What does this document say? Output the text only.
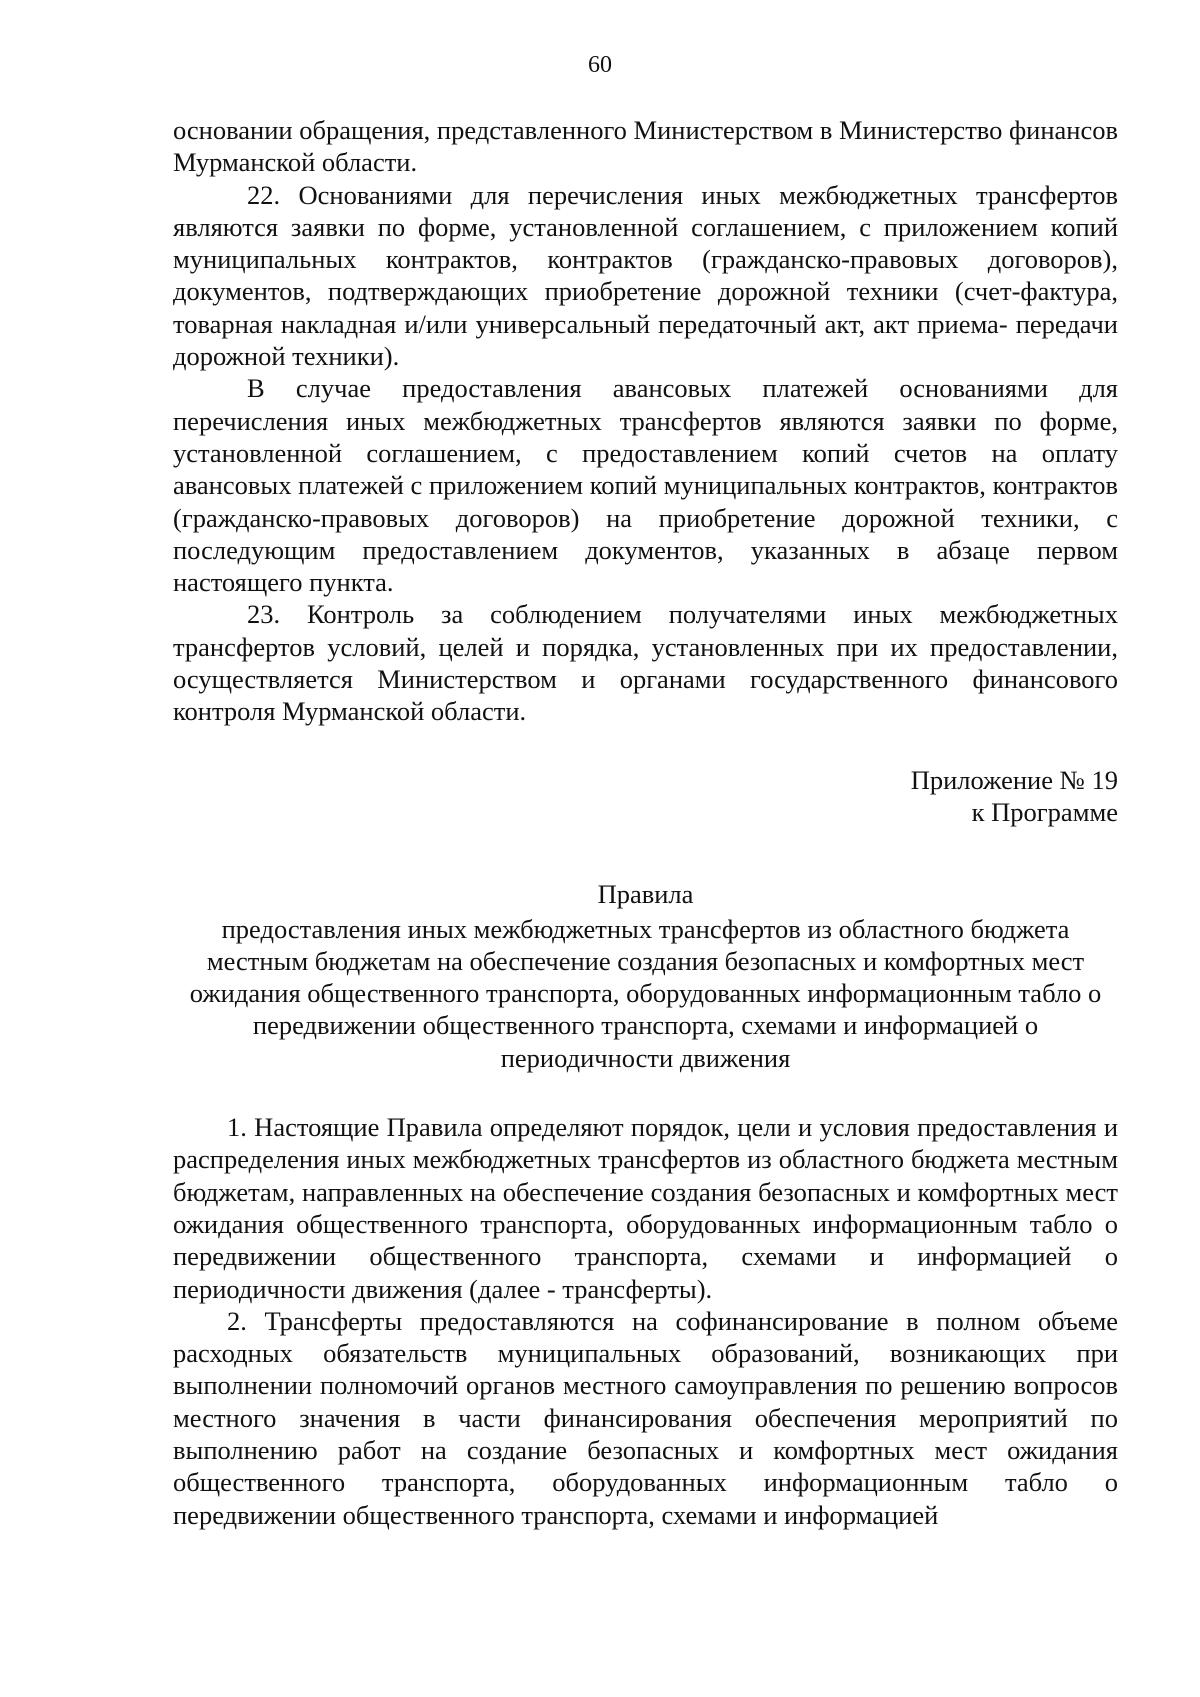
60

основании обращения, представленного Министерством в Министерство финансов Мурманской области.

22. Основаниями для перечисления иных межбюджетных трансфертов являются заявки по форме, установленной соглашением, с приложением копий муниципальных контрактов, контрактов (гражданско-правовых договоров), документов, подтверждающих приобретение дорожной техники (счет-фактура, товарная накладная и/или универсальный передаточный акт, акт приема- передачи дорожной техники).

В случае предоставления авансовых платежей основаниями для перечисления иных межбюджетных трансфертов являются заявки по форме, установленной соглашением, с предоставлением копий счетов на оплату авансовых платежей с приложением копий муниципальных контрактов, контрактов (гражданско-правовых договоров) на приобретение дорожной техники, с последующим предоставлением документов, указанных в абзаце первом настоящего пункта.

23. Контроль за соблюдением получателями иных межбюджетных трансфертов условий, целей и порядка, установленных при их предоставлении, осуществляется Министерством и органами государственного финансового контроля Мурманской области.

Приложение № 19
к Программе
Правила
предоставления иных межбюджетных трансфертов из областного бюджета местным бюджетам на обеспечение создания безопасных и комфортных мест ожидания общественного транспорта, оборудованных информационным табло о передвижении общественного транспорта, схемами и информацией о периодичности движения

1. Настоящие Правила определяют порядок, цели и условия предоставления и распределения иных межбюджетных трансфертов из областного бюджета местным бюджетам, направленных на обеспечение создания безопасных и комфортных мест ожидания общественного транспорта, оборудованных информационным табло о передвижении общественного транспорта, схемами и информацией о периодичности движения (далее - трансферты).

2. Трансферты предоставляются на софинансирование в полном объеме расходных обязательств муниципальных образований, возникающих при выполнении полномочий органов местного самоуправления по решению вопросов местного значения в части финансирования обеспечения мероприятий по выполнению работ на создание безопасных и комфортных мест ожидания общественного транспорта, оборудованных информационным табло о передвижении общественного транспорта, схемами и информацией
